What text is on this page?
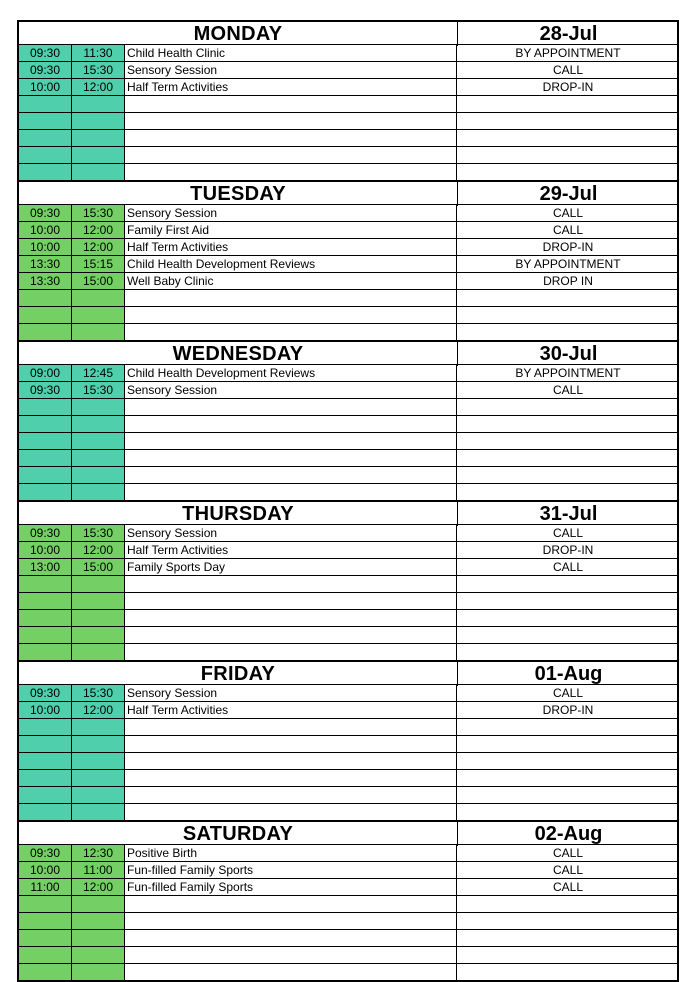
MONDAY	28-Jul
09:30	11:30	Child Health Clinic	BY APPOINTMENT
09:30	15:30	Sensory Session	CALL
10:00	12:00	Half Term Activities	DROP-IN
TUESDAY	29-Jul
09:30	15:30	Sensory Session	CALL
10:00	12:00	Family First Aid	CALL
10:00	12:00	Half Term Activities	DROP-IN
13:30	15:15	Child Health Development Reviews	BY APPOINTMENT
13:30	15:00	Well Baby Clinic	DROP IN
WEDNESDAY	30-Jul
09:00	12:45	Child Health Development Reviews	BY APPOINTMENT
09:30	15:30	Sensory Session	CALL
THURSDAY	31-Jul
09:30	15:30	Sensory Session	CALL
10:00	12:00	Half Term Activities	DROP-IN
13:00	15:00	Family Sports Day	CALL
FRIDAY	01-Aug
09:30	15:30	Sensory Session	CALL
10:00	12:00	Half Term Activities	DROP-IN
SATURDAY	02-Aug
09:30	12:30	Positive Birth	CALL
10:00	11:00	Fun-filled Family Sports	CALL
11:00	12:00	Fun-filled Family Sports	CALL
